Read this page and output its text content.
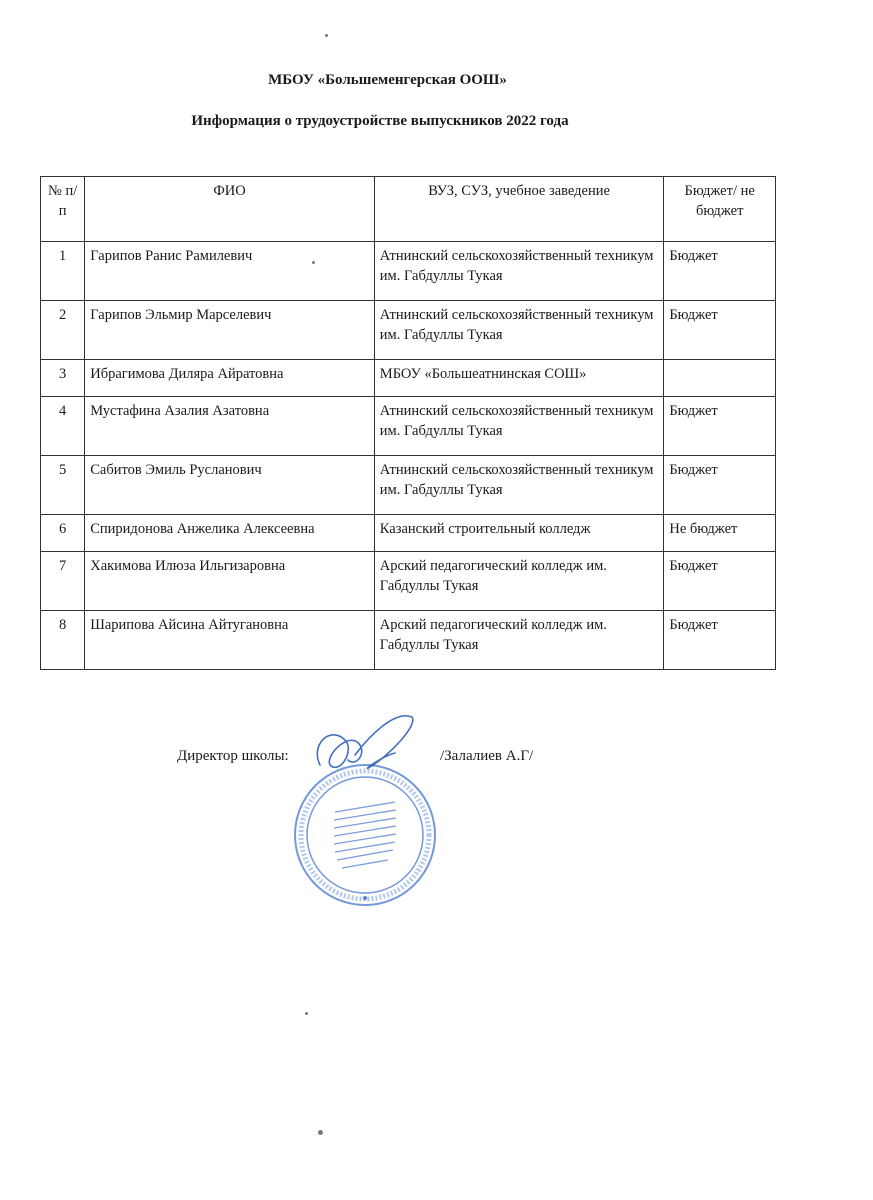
МБОУ «Большеменгерская ООШ»
Информация о трудоустройстве выпускников 2022 года
№ п/п	ФИО	ВУЗ, СУЗ, учебное заведение	Бюджет/ не бюджет
1	Гарипов Ранис Рамилевич	Атнинский сельскохозяйственный техникум им. Габдуллы Тукая	Бюджет
2	Гарипов Эльмир Марселевич	Атнинский сельскохозяйственный техникум им. Габдуллы Тукая	Бюджет
3	Ибрагимова Диляра Айратовна	МБОУ «Большеатнинская СОШ»	
4	Мустафина Азалия Азатовна	Атнинский сельскохозяйственный техникум им. Габдуллы Тукая	Бюджет
5	Сабитов Эмиль Русланович	Атнинский сельскохозяйственный техникум им. Габдуллы Тукая	Бюджет
6	Спиридонова Анжелика Алексеевна	Казанский строительный колледж	Не бюджет
7	Хакимова Илюза Ильгизаровна	Арский педагогический колледж им. Габдуллы Тукая	Бюджет
8	Шарипова Айсина Айтугановна	Арский педагогический колледж им. Габдуллы Тукая	Бюджет
Директор школы:	/Залалиев А.Г/
